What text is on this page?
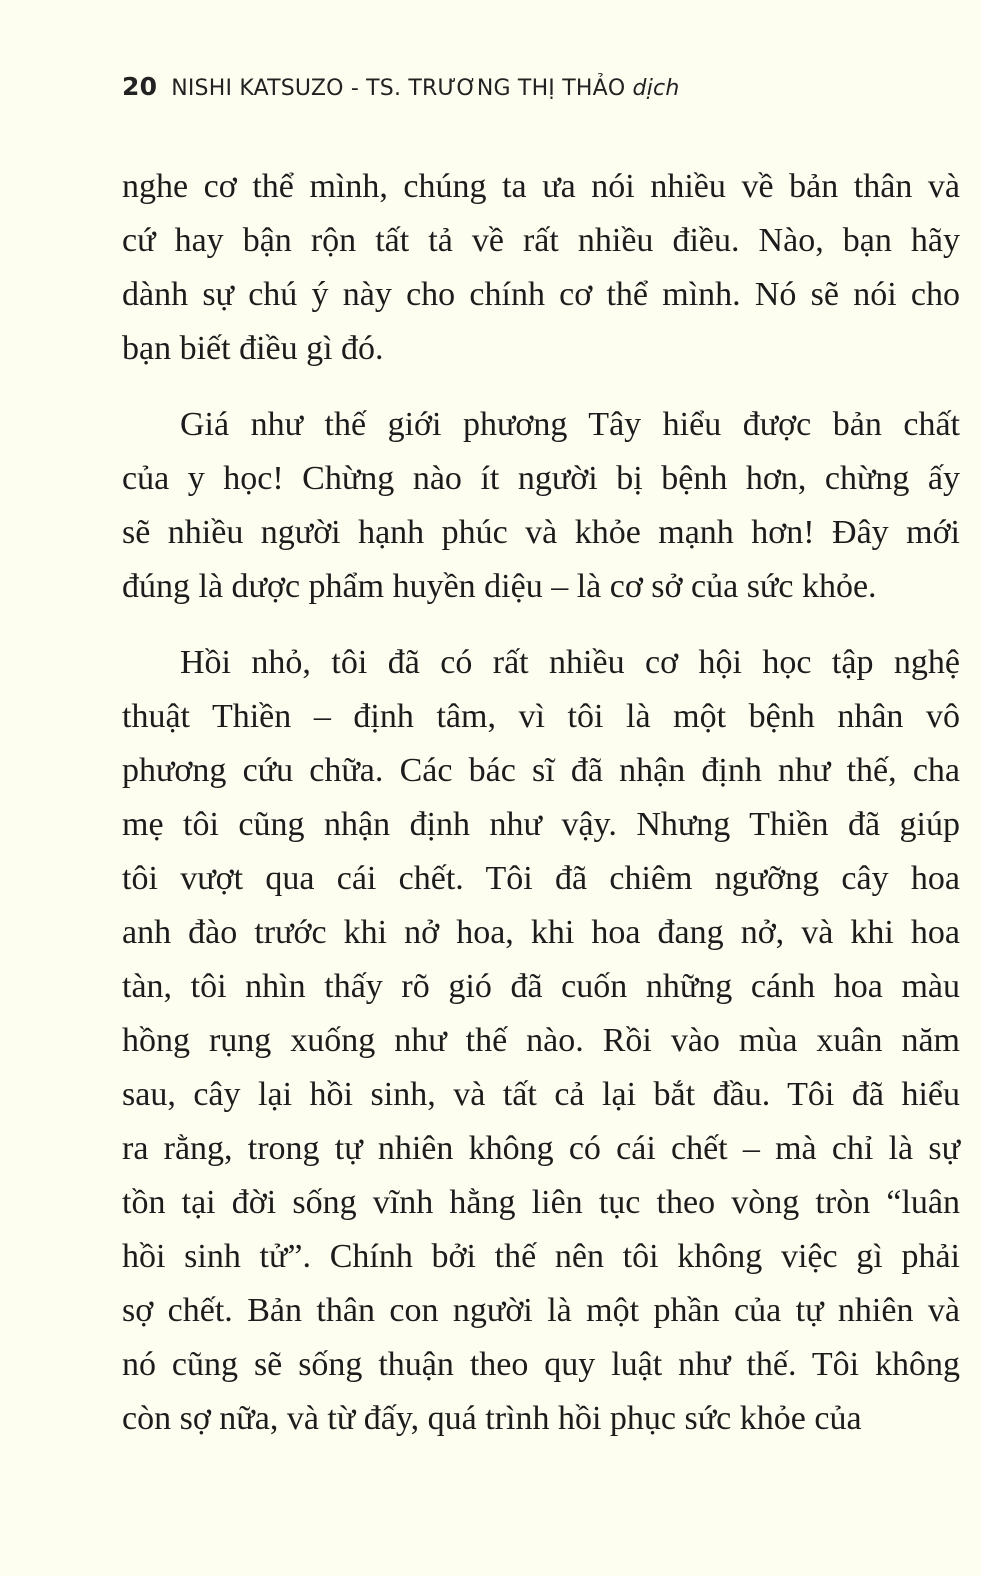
20 NISHI KATSUZO - TS. TRƯƠNG THỊ THẢO dịch
nghe cơ thể mình, chúng ta ưa nói nhiều về bản thân và
cứ hay bận rộn tất tả về rất nhiều điều. Nào, bạn hãy
dành sự chú ý này cho chính cơ thể mình. Nó sẽ nói cho
bạn biết điều gì đó.
Giá như thế giới phương Tây hiểu được bản chất
của y học! Chừng nào ít người bị bệnh hơn, chừng ấy
sẽ nhiều người hạnh phúc và khỏe mạnh hơn! Đây mới
đúng là dược phẩm huyền diệu – là cơ sở của sức khỏe.
Hồi nhỏ, tôi đã có rất nhiều cơ hội học tập nghệ
thuật Thiền – định tâm, vì tôi là một bệnh nhân vô
phương cứu chữa. Các bác sĩ đã nhận định như thế, cha
mẹ tôi cũng nhận định như vậy. Nhưng Thiền đã giúp
tôi vượt qua cái chết. Tôi đã chiêm ngưỡng cây hoa
anh đào trước khi nở hoa, khi hoa đang nở, và khi hoa
tàn, tôi nhìn thấy rõ gió đã cuốn những cánh hoa màu
hồng rụng xuống như thế nào. Rồi vào mùa xuân năm
sau, cây lại hồi sinh, và tất cả lại bắt đầu. Tôi đã hiểu
ra rằng, trong tự nhiên không có cái chết – mà chỉ là sự
tồn tại đời sống vĩnh hằng liên tục theo vòng tròn “luân
hồi sinh tử”. Chính bởi thế nên tôi không việc gì phải
sợ chết. Bản thân con người là một phần của tự nhiên và
nó cũng sẽ sống thuận theo quy luật như thế. Tôi không
còn sợ nữa, và từ đấy, quá trình hồi phục sức khỏe của
